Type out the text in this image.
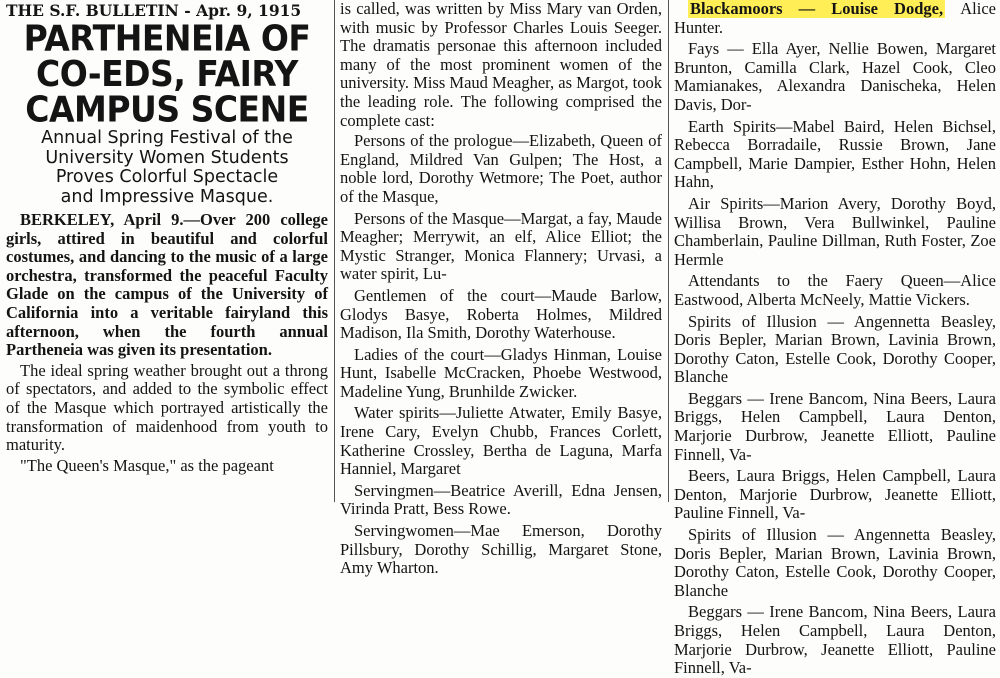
THE S.F. BULLETIN - Apr. 9, 1915
PARTHENEIA OF
CO-EDS, FAIRY
CAMPUS SCENE
Annual Spring Festival of the
University Women Students
Proves Colorful Spectacle
and Impressive Masque.

BERKELEY, April 9.—Over 200 college girls, attired in beautiful and colorful costumes, and dancing to the music of a large orchestra, transformed the peaceful Faculty Glade on the campus of the University of California into a veritable fairyland this afternoon, when the fourth annual Partheneia was given its presentation.

The ideal spring weather brought out a throng of spectators, and added to the symbolic effect of the Masque which portrayed artistically the transformation of maidenhood from youth to maturity.

"The Queen's Masque," as the pageant

is called, was written by Miss Mary van Orden, with music by Professor Charles Louis Seeger. The dramatis personae this afternoon included many of the most prominent women of the university. Miss Maud Meagher, as Margot, took the leading role. The following comprised the complete cast:

Persons of the prologue—Elizabeth, Queen of England, Mildred Van Gulpen; The Host, a noble lord, Dorothy Wetmore; The Poet, author of the Masque,

Persons of the Masque—Margat, a fay, Maude Meagher; Merrywit, an elf, Alice Elliot; the Mystic Stranger, Monica Flannery; Urvasi, a water spirit, Lu-

Gentlemen of the court—Maude Barlow, Glodys Basye, Roberta Holmes, Mildred Madison, Ila Smith, Dorothy Waterhouse.

Ladies of the court—Gladys Hinman, Louise Hunt, Isabelle McCracken, Phoebe Westwood, Madeline Yung, Brunhilde Zwicker.

Water spirits—Juliette Atwater, Emily Basye, Irene Cary, Evelyn Chubb, Frances Corlett, Katherine Crossley, Bertha de Laguna, Marfa Hanniel, Margaret

Servingmen—Beatrice Averill, Edna Jensen, Virinda Pratt, Bess Rowe.

Servingwomen—Mae Emerson, Dorothy Pillsbury, Dorothy Schillig, Margaret Stone, Amy Wharton.

Blackamoors — Louise Dodge, Alice Hunter.

Fays — Ella Ayer, Nellie Bowen, Margaret Brunton, Camilla Clark, Hazel Cook, Cleo Mamianakes, Alexandra Danischeka, Helen Davis, Dor-

Earth Spirits—Mabel Baird, Helen Bichsel, Rebecca Borradaile, Russie Brown, Jane Campbell, Marie Dampier, Esther Hohn, Helen Hahn,

Air Spirits—Marion Avery, Dorothy Boyd, Willisa Brown, Vera Bullwinkel, Pauline Chamberlain, Pauline Dillman, Ruth Foster, Zoe Hermle

Attendants to the Faery Queen—Alice Eastwood, Alberta McNeely, Mattie Vickers.

Spirits of Illusion — Angennetta Beasley, Doris Bepler, Marian Brown, Lavinia Brown, Dorothy Caton, Estelle Cook, Dorothy Cooper, Blanche

Beggars — Irene Bancom, Nina Beers, Laura Briggs, Helen Campbell, Laura Denton, Marjorie Durbrow, Jeanette Elliott, Pauline Finnell, Va-

Beers, Laura Briggs, Helen Campbell, Laura Denton, Marjorie Durbrow, Jeanette Elliott, Pauline Finnell, Va-

Spirits of Illusion — Angennetta Beasley, Doris Bepler, Marian Brown, Lavinia Brown, Dorothy Caton, Estelle Cook, Dorothy Cooper, Blanche

Beggars — Irene Bancom, Nina Beers, Laura Briggs, Helen Campbell, Laura Denton, Marjorie Durbrow, Jeanette Elliott, Pauline Finnell, Va-
